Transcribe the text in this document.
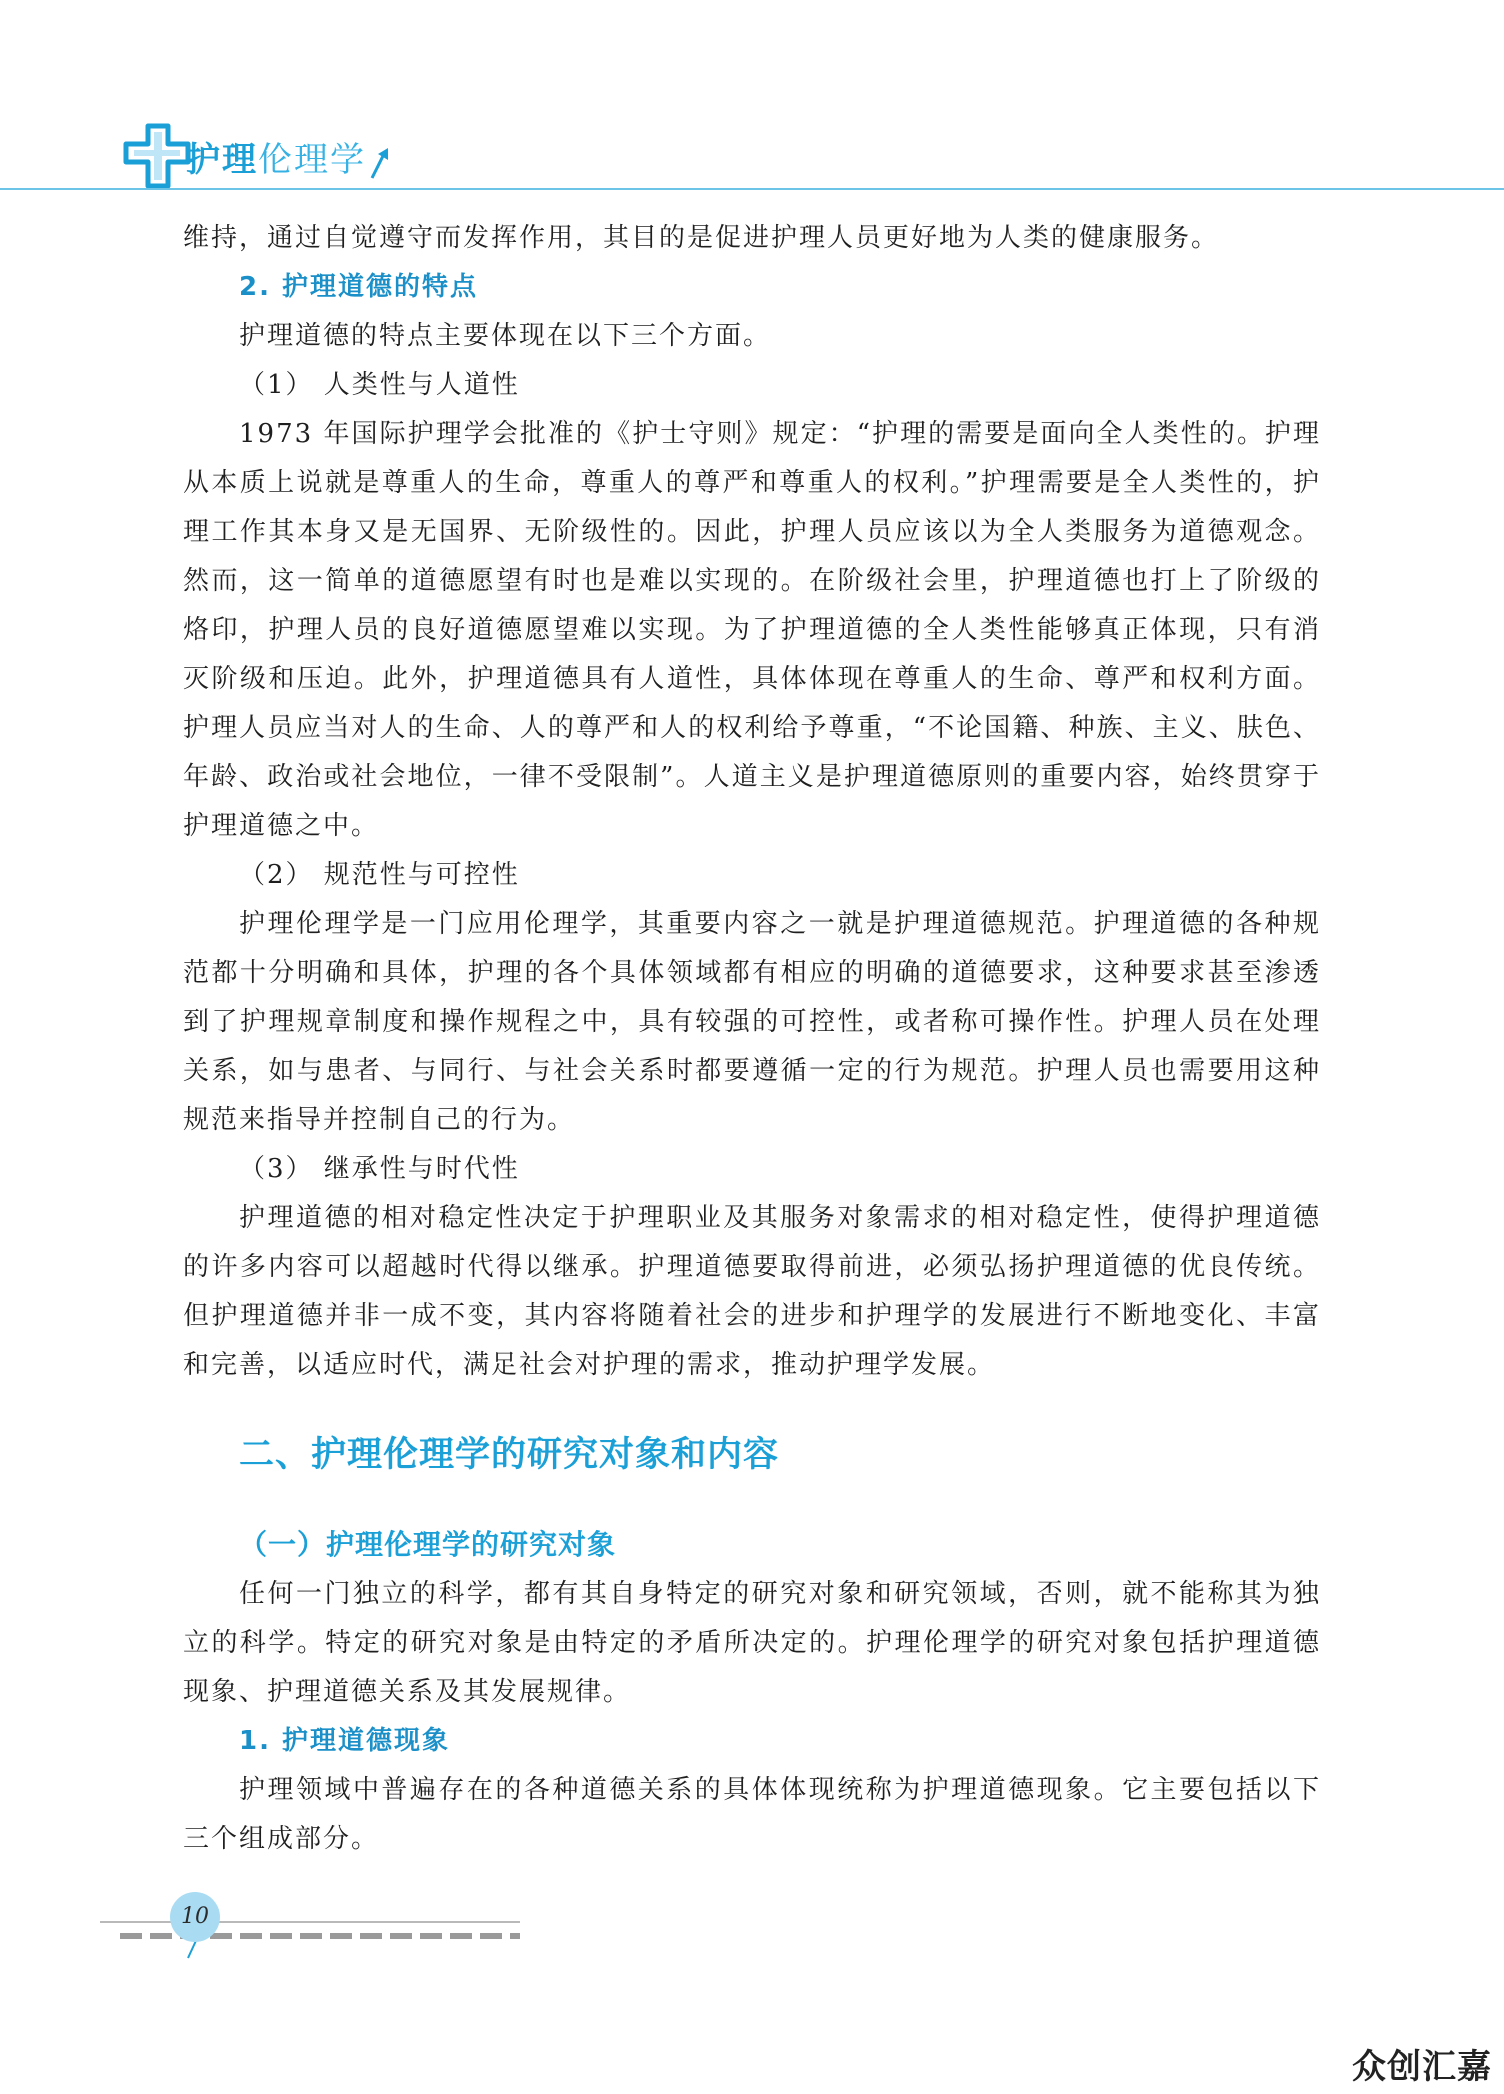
护理伦理学

维持，通过自觉遵守而发挥作用，其目的是促进护理人员更好地为人类的健康服务。

2. 护理道德的特点

护理道德的特点主要体现在以下三个方面。

（1） 人类性与人道性

1973 年国际护理学会批准的《护士守则》规定：“护理的需要是面向全人类性的。护理从本质上说就是尊重人的生命，尊重人的尊严和尊重人的权利。”护理需要是全人类性的，护理工作其本身又是无国界、无阶级性的。因此，护理人员应该以为全人类服务为道德观念。然而，这一简单的道德愿望有时也是难以实现的。在阶级社会里，护理道德也打上了阶级的烙印，护理人员的良好道德愿望难以实现。为了护理道德的全人类性能够真正体现，只有消灭阶级和压迫。此外，护理道德具有人道性，具体体现在尊重人的生命、尊严和权利方面。护理人员应当对人的生命、人的尊严和人的权利给予尊重，“不论国籍、种族、主义、肤色、年龄、政治或社会地位，一律不受限制”。人道主义是护理道德原则的重要内容，始终贯穿于护理道德之中。

（2） 规范性与可控性

护理伦理学是一门应用伦理学，其重要内容之一就是护理道德规范。护理道德的各种规范都十分明确和具体，护理的各个具体领域都有相应的明确的道德要求，这种要求甚至渗透到了护理规章制度和操作规程之中，具有较强的可控性，或者称可操作性。护理人员在处理关系，如与患者、与同行、与社会关系时都要遵循一定的行为规范。护理人员也需要用这种规范来指导并控制自己的行为。

（3） 继承性与时代性

护理道德的相对稳定性决定于护理职业及其服务对象需求的相对稳定性，使得护理道德的许多内容可以超越时代得以继承。护理道德要取得前进，必须弘扬护理道德的优良传统。但护理道德并非一成不变，其内容将随着社会的进步和护理学的发展进行不断地变化、丰富和完善，以适应时代，满足社会对护理的需求，推动护理学发展。

二、护理伦理学的研究对象和内容
（一）护理伦理学的研究对象

任何一门独立的科学，都有其自身特定的研究对象和研究领域，否则，就不能称其为独立的科学。特定的研究对象是由特定的矛盾所决定的。护理伦理学的研究对象包括护理道德现象、护理道德关系及其发展规律。

1. 护理道德现象

护理领域中普遍存在的各种道德关系的具体体现统称为护理道德现象。它主要包括以下三个组成部分。

10
众创汇嘉
